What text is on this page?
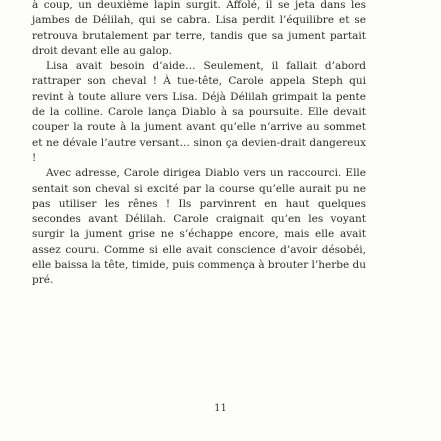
à coup, un deuxième lapin surgit. Affolé, il se jeta dans les jambes de Délilah, qui se cabra. Lisa perdit l’équilibre et se retrouva brutalement par terre, tandis que sa jument partait droit devant elle au galop.

Lisa avait besoin d’aide… Seulement, il fallait d’abord rattraper son cheval ! À tue-tête, Carole appela Steph qui revint à toute allure vers Lisa. Déjà Délilah grimpait la pente de la colline. Carole lança Diablo à sa poursuite. Elle devait couper la route à la jument avant qu’elle n’arrive au sommet et ne dévale l’autre versant… sinon ça devien-drait dangereux !

Avec adresse, Carole dirigea Diablo vers un raccourci. Elle sentait son cheval si excité par la course qu’elle aurait pu ne pas utiliser les rênes ! Ils parvinrent en haut quelques secondes avant Délilah. Carole craignait qu’en les voyant surgir la jument grise ne s’échappe encore, mais elle avait assez couru. Comme si elle avait conscience d’avoir désobéi, elle baissa la tête, timide, puis commença à brouter l’herbe du pré.

11
